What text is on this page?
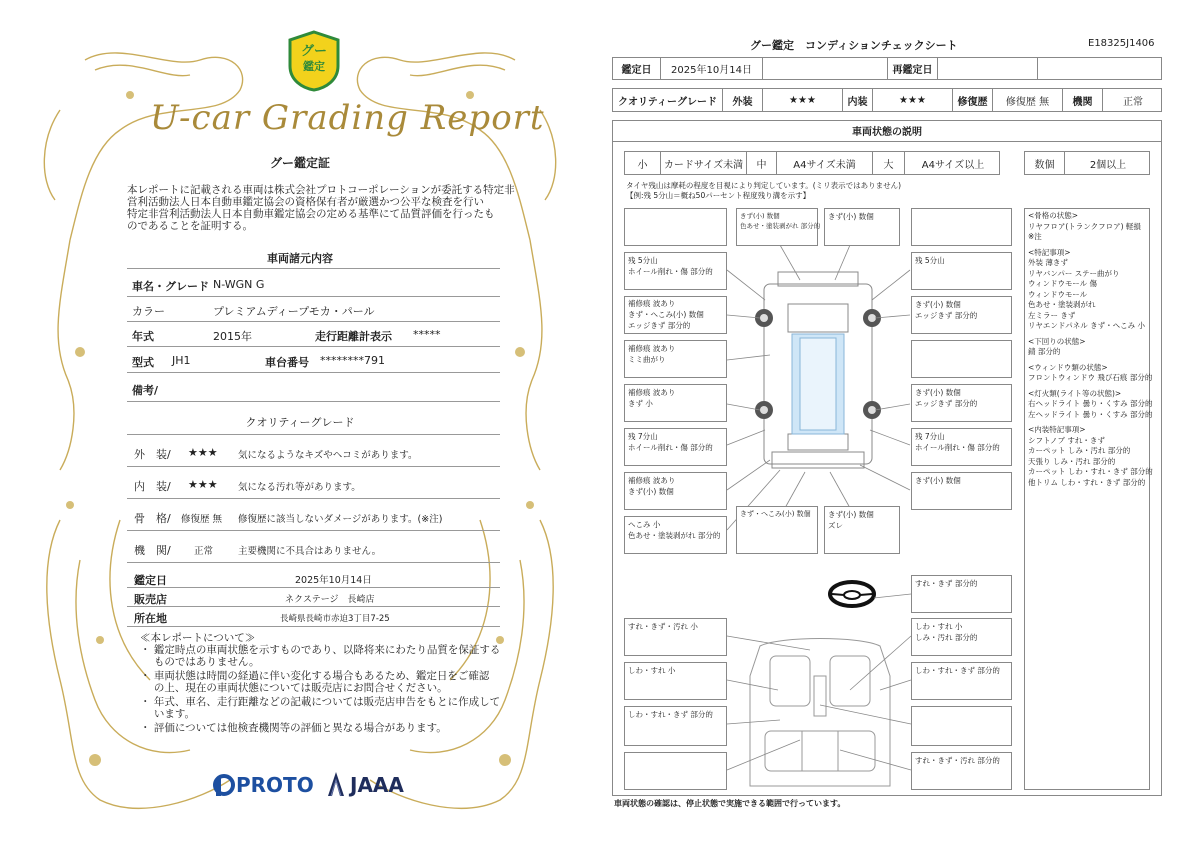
グー
鑑定
U-car Grading Report
グー鑑定証
本レポートに記載される車両は株式会社プロトコーポレーションが委託する特定非
営利活動法人日本自動車鑑定協会の資格保有者が厳選かつ公平な検査を行い
特定非営利活動法人日本自動車鑑定協会の定める基準にて品質評価を行ったも
のであることを証明する。
車両諸元内容
車名・グレード N-WGN G
カラー	プレミアムディープモカ・パール
年式	2015年	走行距離計表示 *****
型式 JH1	車台番号 ********791
備考/
クオリティーグレード
外　装/ ★★★ 気になるようなキズやヘコミがあります。
内　装/ ★★★ 気になる汚れ等があります。
骨　格/ 修復歴 無 修復歴に該当しないダメージがあります。(※注)
機　関/ 正常	主要機関に不具合はありません。
鑑定日	2025年10月14日
販売店	ネクステージ　長崎店
所在地	長崎県長崎市赤迫3丁目7-25
≪本レポートについて≫
・ 鑑定時点の車両状態を示すものであり、以降将来にわたり品質を保証する
　 ものではありません。
・ 車両状態は時間の経過に伴い変化する場合もあるため、鑑定日をご確認
　 の上、現在の車両状態については販売店にお問合せください。
・ 年式、車名、走行距離などの記載については販売店申告をもとに作成して
　 います。
・ 評価については他検査機関等の評価と異なる場合があります。
PROTO JAAA
グー鑑定　コンディションチェックシート	E18325J1406
鑑定日	2025年10月14日	再鑑定日
クオリティーグレード	外装	★★★	内装	★★★	修復歴	修復歴 無	機関	正常
車両状態の説明
小	カードサイズ未満	中	A4サイズ未満	大	A4サイズ以上	数個	2個以上
タイヤ残山は摩耗の程度を目視により判定しています。(ミリ表示ではありません)
【例:残 5分山＝概ね50パーセント程度残り溝を示す】
きず(小) 数個
色あせ・塗装剥がれ 部分的
きず(小) 数個
残 5分山
ホイール削れ・傷 部分的
残 5分山
補修痕 波あり
きず・へこみ(小) 数個
エッジきず 部分的
きず(小) 数個
エッジきず 部分的
補修痕 波あり
ミミ曲がり
補修痕 波あり
きず 小
きず(小) 数個
エッジきず 部分的
残 7分山
ホイール削れ・傷 部分的
残 7分山
ホイール削れ・傷 部分的
補修痕 波あり
きず(小) 数個
きず(小) 数個
へこみ 小
色あせ・塗装剥がれ 部分的
きず・へこみ(小) 数個 きず(小) 数個
ズレ
すれ・きず 部分的
すれ・きず・汚れ 小	しわ・すれ 小
しみ・汚れ 部分的
しわ・すれ 小	しわ・すれ・きず 部分的
しわ・すれ・きず 部分的
すれ・きず・汚れ 部分的
<骨格の状態>
リヤフロア(トランクフロア) 軽損
※注
<特記事項>
外装 薄きず
リヤバンパー ステー曲がり
ウィンドウモール 傷
ウィンドウモール
色あせ・塗装剥がれ
左ミラー きず
リヤエンドパネル きず・へこみ 小
<下回りの状態>
錆 部分的
<ウィンドウ類の状態>
フロントウィンドウ 飛び石痕 部分的
<灯火類(ライト等の状態)>
右ヘッドライト 曇り・くすみ 部分的
左ヘッドライト 曇り・くすみ 部分的
<内装特記事項>
シフトノブ すれ・きず
カーペット しみ・汚れ 部分的
天張り しみ・汚れ 部分的
カーペット しわ・すれ・きず 部分的
他トリム しわ・すれ・きず 部分的
車両状態の確認は、停止状態で実施できる範囲で行っています。
